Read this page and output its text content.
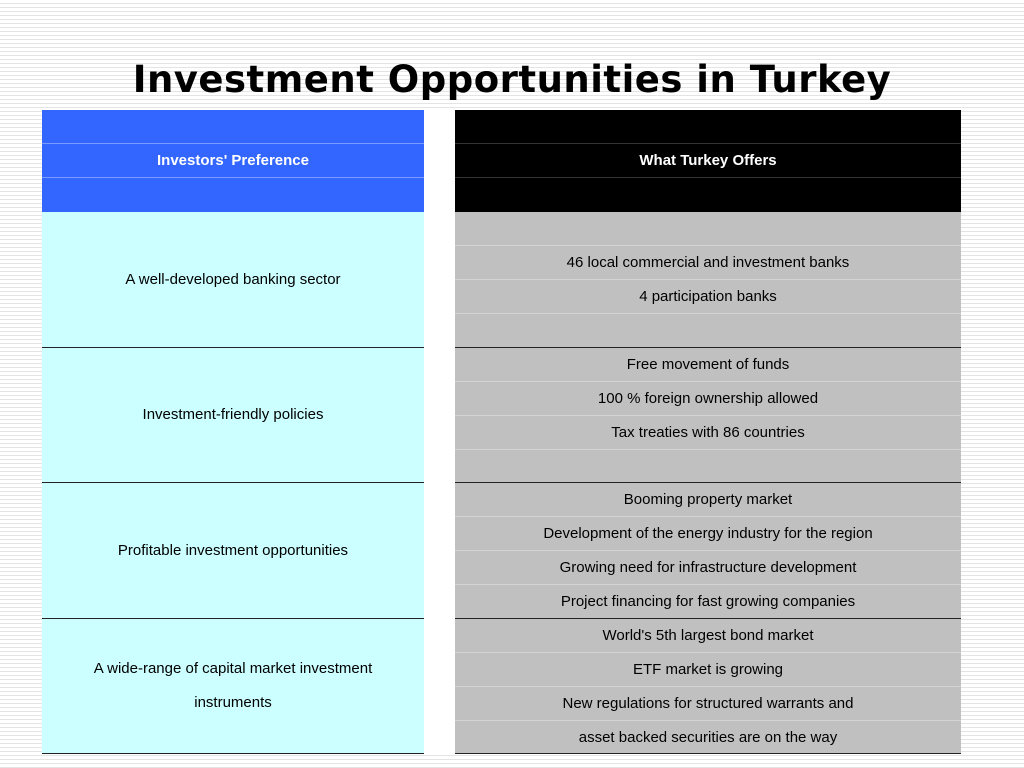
Investment Opportunities in Turkey
Investors' Preference
A well-developed banking sector
Investment-friendly policies
Profitable investment opportunities
A wide-range of capital market investment instruments
What Turkey Offers
46 local commercial and investment banks
4 participation banks
Free movement of funds
100 % foreign ownership allowed
Tax treaties with 86 countries
Booming property market
Development of the energy industry for the region
Growing need for infrastructure development
Project financing for fast growing companies
World's 5th largest bond market
ETF market is growing
New regulations for structured warrants and
asset backed securities are on the way
